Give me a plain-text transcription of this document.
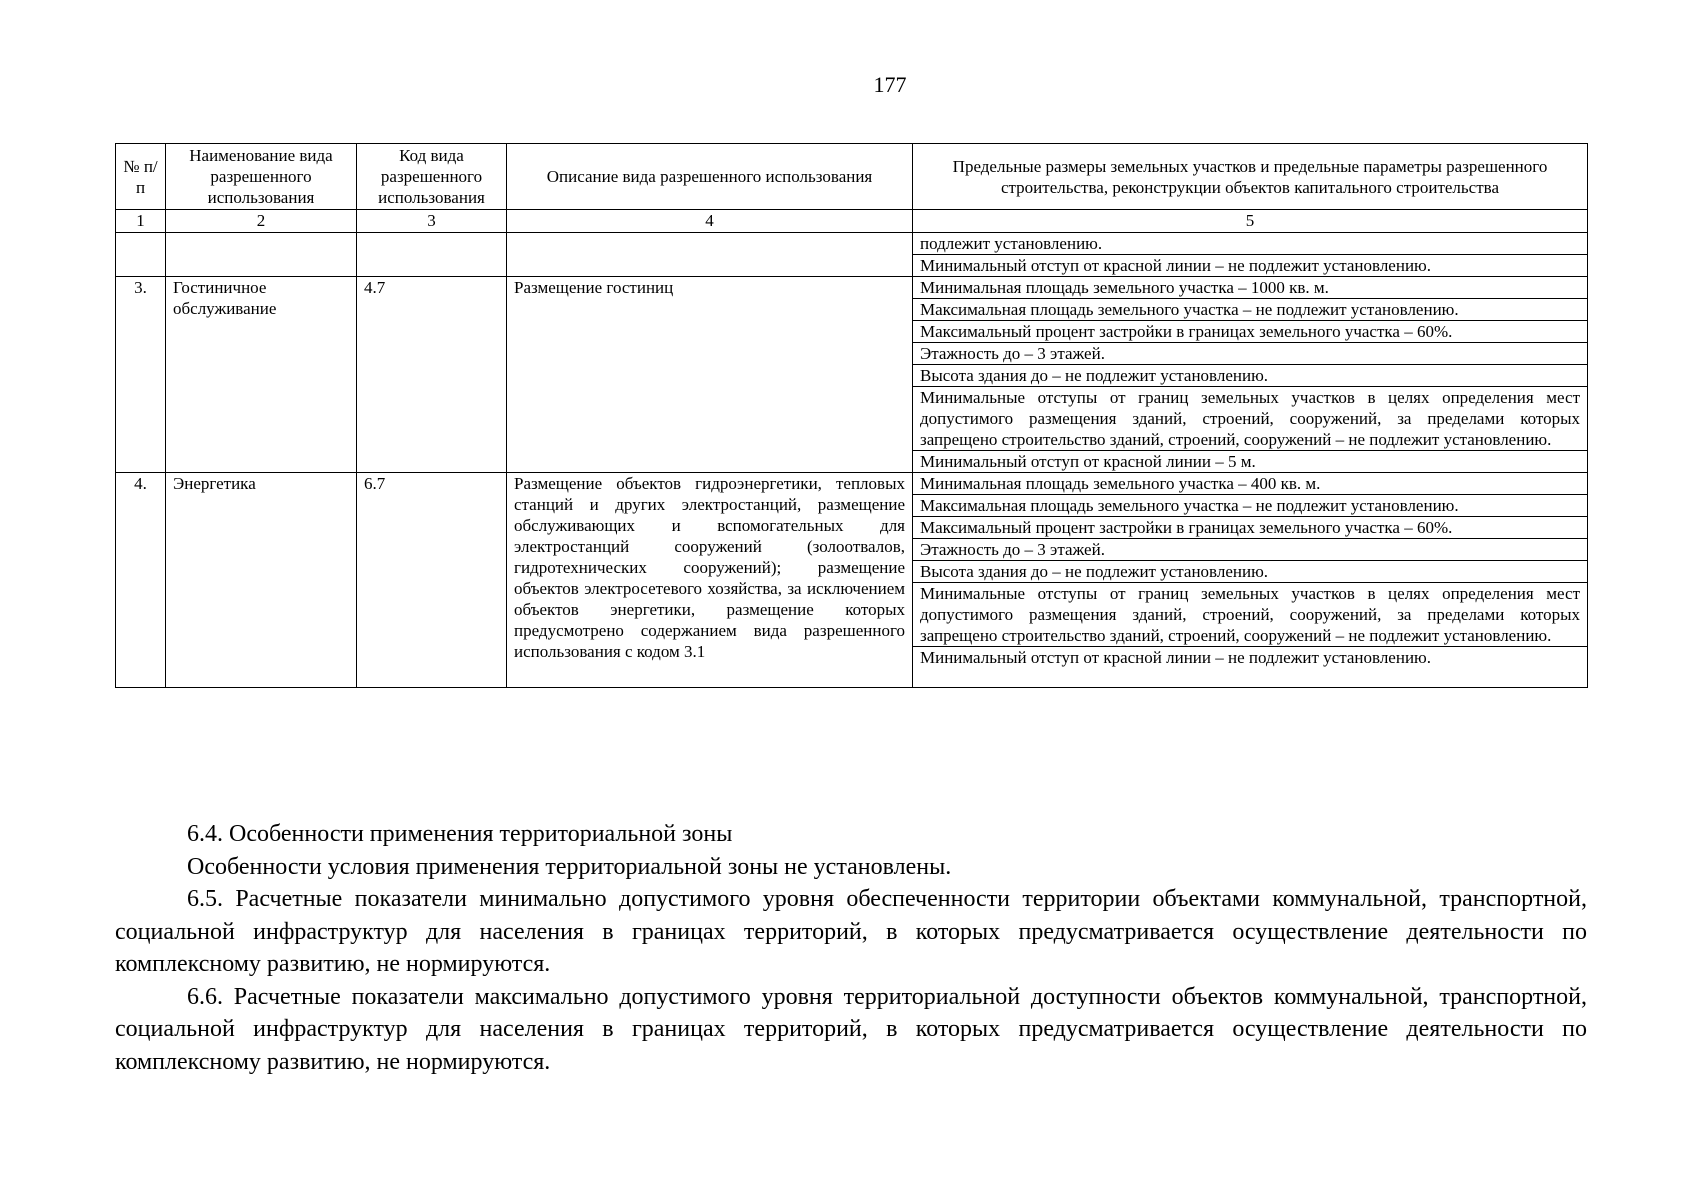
177
№ п/п	Наименование вида разрешенного использования	Код вида разрешенного использования	Описание вида разрешенного использования	Предельные размеры земельных участков и предельные параметры разрешенного строительства, реконструкции объектов капитального строительства
1	2	3	4	5
				подлежит установлению.
				Минимальный отступ от красной линии – не подлежит установлению.
3.	Гостиничное обслуживание	4.7	Размещение гостиниц	Минимальная площадь земельного участка – 1000 кв. м.
				Максимальная площадь земельного участка – не подлежит установлению.
				Максимальный процент застройки в границах земельного участка – 60%.
				Этажность до – 3 этажей.
				Высота здания до – не подлежит установлению.
				Минимальные отступы от границ земельных участков в целях определения мест допустимого размещения зданий, строений, сооружений, за пределами которых запрещено строительство зданий, строений, сооружений – не подлежит установлению.
				Минимальный отступ от красной линии – 5 м.
4.	Энергетика	6.7	Размещение объектов гидроэнергетики, тепловых станций и других электростанций, размещение обслуживающих и вспомогательных для электростанций сооружений (золоотвалов, гидротехнических сооружений); размещение объектов электросетевого хозяйства, за исключением объектов энергетики, размещение которых предусмотрено содержанием вида разрешенного использования с кодом 3.1	Минимальная площадь земельного участка – 400 кв. м.
				Максимальная площадь земельного участка – не подлежит установлению.
				Максимальный процент застройки в границах земельного участка – 60%.
				Этажность до – 3 этажей.
				Высота здания до – не подлежит установлению.
				Минимальные отступы от границ земельных участков в целях определения мест допустимого размещения зданий, строений, сооружений, за пределами которых запрещено строительство зданий, строений, сооружений – не подлежит установлению.
				Минимальный отступ от красной линии – не подлежит установлению.

6.4. Особенности применения территориальной зоны

Особенности условия применения территориальной зоны не установлены.

6.5. Расчетные показатели минимально допустимого уровня обеспеченности территории объектами коммунальной, транспортной, социальной инфраструктур для населения в границах территорий, в которых предусматривается осуществление деятельности по комплексному развитию, не нормируются.

6.6. Расчетные показатели максимально допустимого уровня территориальной доступности объектов коммунальной, транспортной, социальной инфраструктур для населения в границах территорий, в которых предусматривается осуществление деятельности по комплексному развитию, не нормируются.
